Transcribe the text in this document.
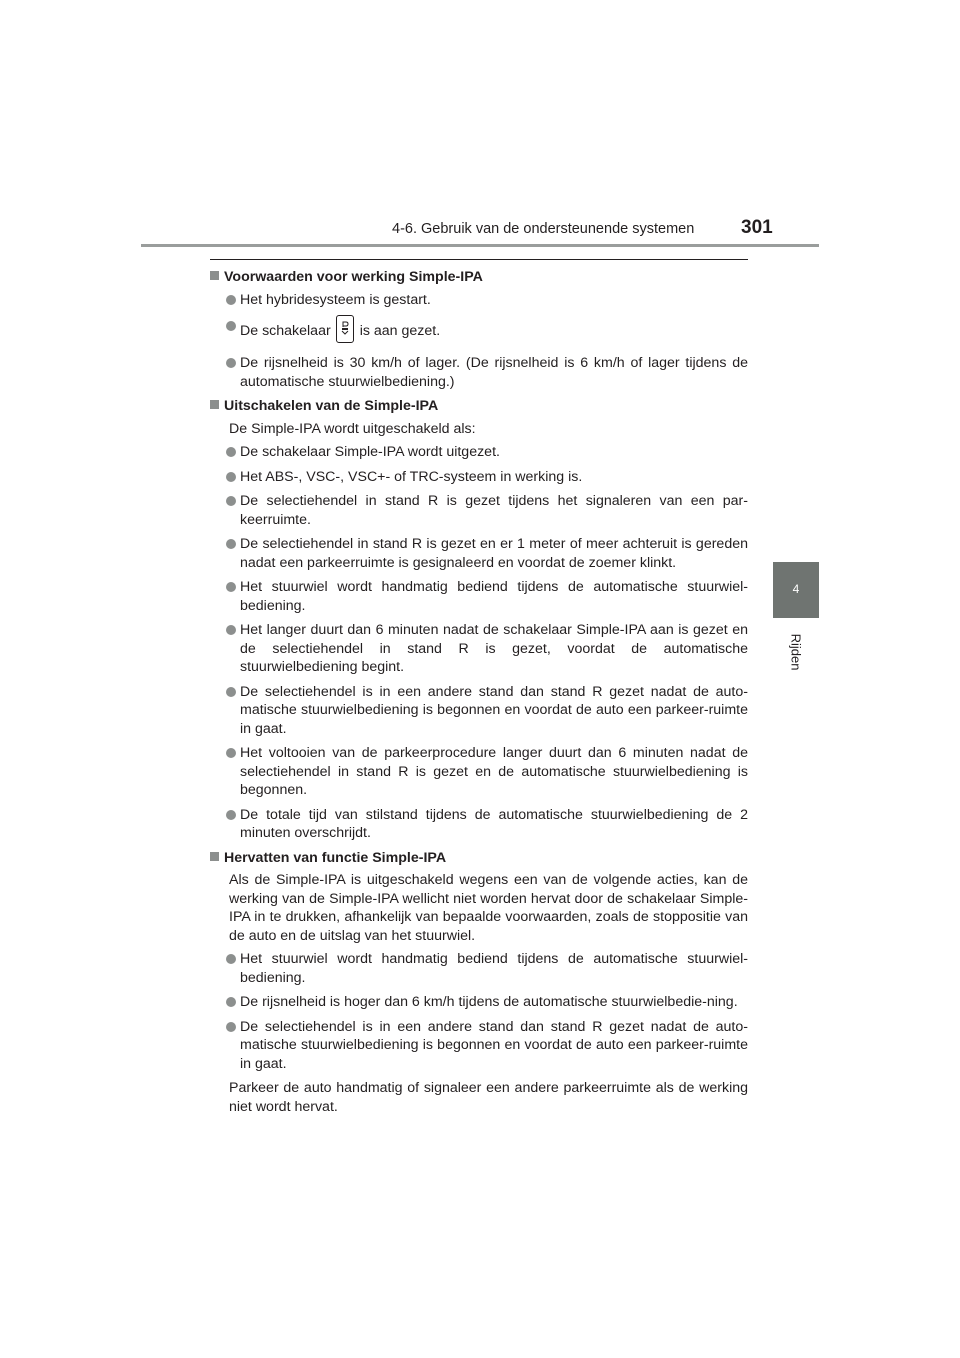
4-6. Gebruik van de ondersteunende systemen 301
4
Rijden
Voorwaarden voor werking Simple-IPA
Het hybridesysteem is gestart.
De schakelaar is aan gezet.
De rijsnelheid is 30 km/h of lager. (De rijsnelheid is 6 km/h of lager tijdens de automatische stuurwielbediening.)
Uitschakelen van de Simple-IPA
De Simple-IPA wordt uitgeschakeld als:
De schakelaar Simple-IPA wordt uitgezet.
Het ABS-, VSC-, VSC+- of TRC-systeem in werking is.
De selectiehendel in stand R is gezet tijdens het signaleren van een par-keerruimte.
De selectiehendel in stand R is gezet en er 1 meter of meer achteruit is gereden nadat een parkeerruimte is gesignaleerd en voordat de zoemer klinkt.
Het stuurwiel wordt handmatig bediend tijdens de automatische stuurwiel-bediening.
Het langer duurt dan 6 minuten nadat de schakelaar Simple-IPA aan is gezet en de selectiehendel in stand R is gezet, voordat de automatische stuurwielbediening begint.
De selectiehendel is in een andere stand dan stand R gezet nadat de auto-matische stuurwielbediening is begonnen en voordat de auto een parkeer-ruimte in gaat.
Het voltooien van de parkeerprocedure langer duurt dan 6 minuten nadat de selectiehendel in stand R is gezet en de automatische stuurwielbediening is begonnen.
De totale tijd van stilstand tijdens de automatische stuurwielbediening de 2 minuten overschrijdt.
Hervatten van functie Simple-IPA
Als de Simple-IPA is uitgeschakeld wegens een van de volgende acties, kan de werking van de Simple-IPA wellicht niet worden hervat door de schakelaar Simple-IPA in te drukken, afhankelijk van bepaalde voorwaarden, zoals de stoppositie van de auto en de uitslag van het stuurwiel.
Het stuurwiel wordt handmatig bediend tijdens de automatische stuurwiel-bediening.
De rijsnelheid is hoger dan 6 km/h tijdens de automatische stuurwielbedie-ning.
De selectiehendel is in een andere stand dan stand R gezet nadat de auto-matische stuurwielbediening is begonnen en voordat de auto een parkeer-ruimte in gaat.
Parkeer de auto handmatig of signaleer een andere parkeerruimte als de werking niet wordt hervat.
